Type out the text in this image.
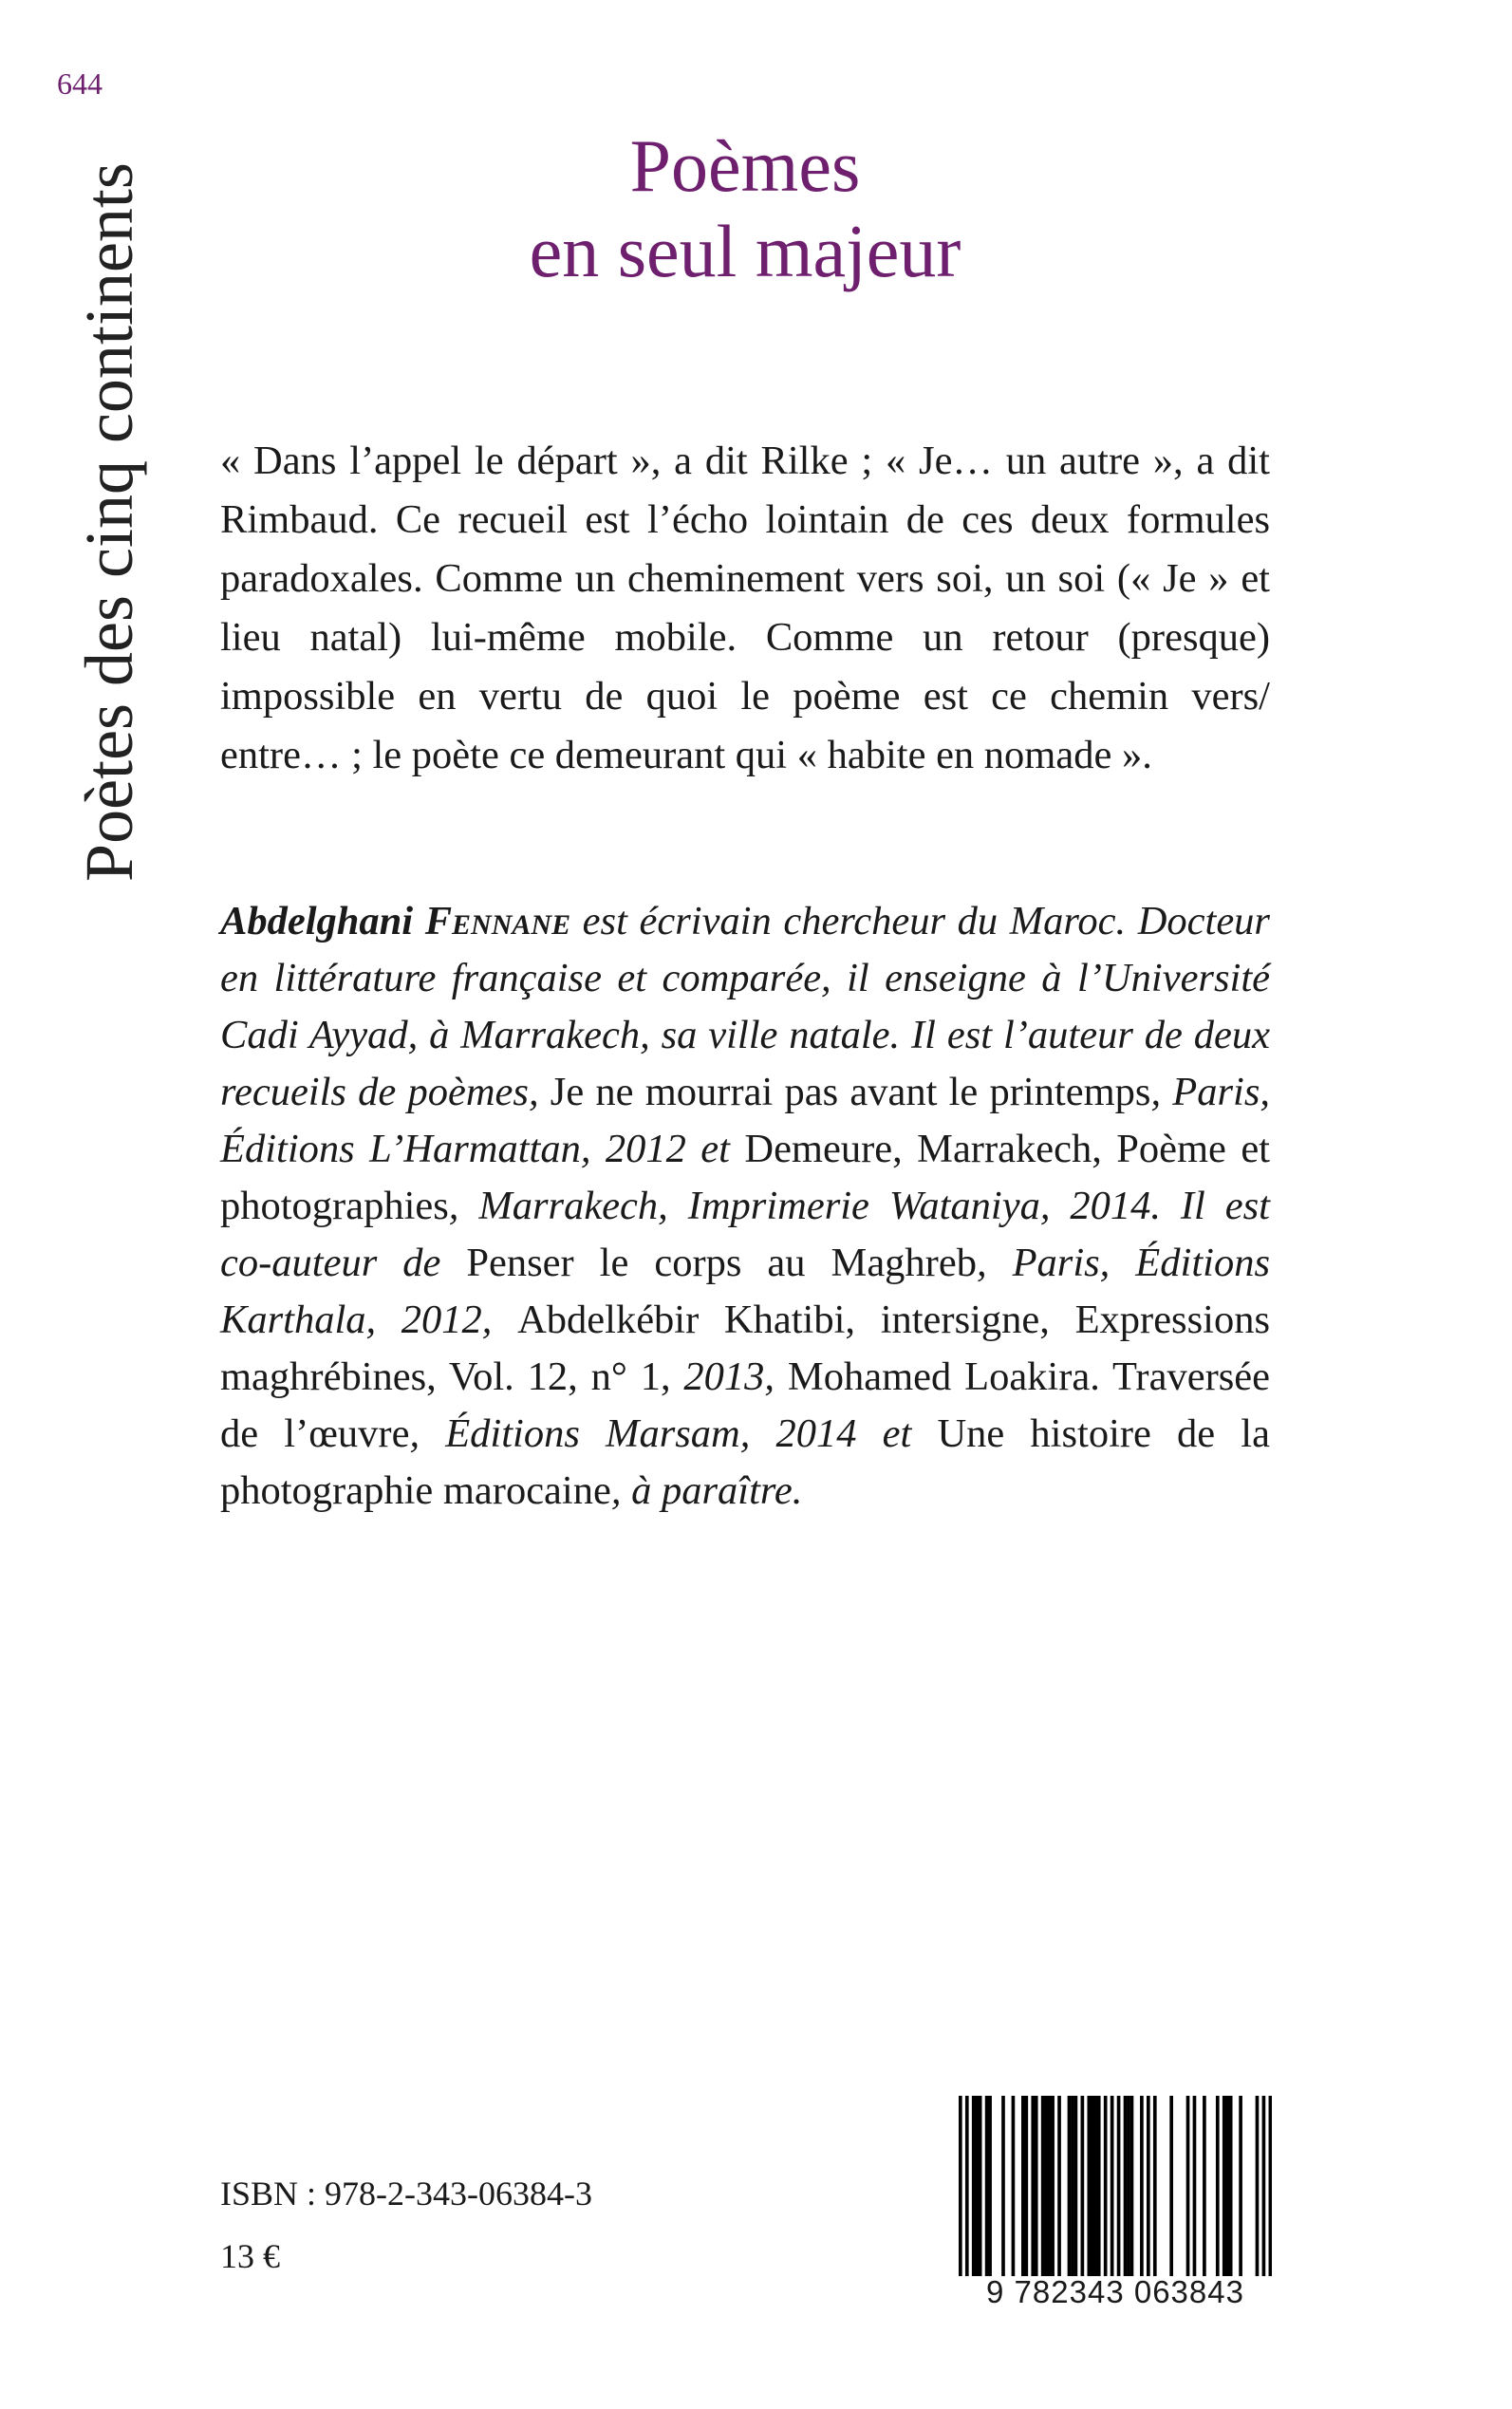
644
Poètes des cinq continents	Poèmes
en seul majeur

« Dans l’appel le départ », a dit Rilke ; « Je… un autre », a dit Rimbaud. Ce recueil est l’écho lointain de ces deux formules paradoxales. Comme un cheminement vers soi, un soi (« Je » et lieu natal) lui-même mobile. Comme un retour (presque) impossible en vertu de quoi le poème est ce chemin vers/ entre… ; le poète ce demeurant qui « habite en nomade ».

Abdelghani Fennane est écrivain chercheur du Maroc. Docteur en littérature française et comparée, il enseigne à l’Université Cadi Ayyad, à Marrakech, sa ville natale. Il est l’auteur de deux recueils de poèmes, Je ne mourrai pas avant le printemps, Paris, Éditions L’Harmattan, 2012 et Demeure, Marrakech, Poème et photographies, Marrakech, Imprimerie Wataniya, 2014. Il est co-auteur de Penser le corps au Maghreb, Paris, Éditions Karthala, 2012, Abdelkébir Khatibi, intersigne, Expressions maghrébines, Vol. 12, n° 1, 2013, Mohamed Loakira. Traversée de l’œuvre, Éditions Marsam, 2014 et Une histoire de la photographie marocaine, à paraître.

ISBN : 978-2-343-06384-3
13 €
9 782343 063843
